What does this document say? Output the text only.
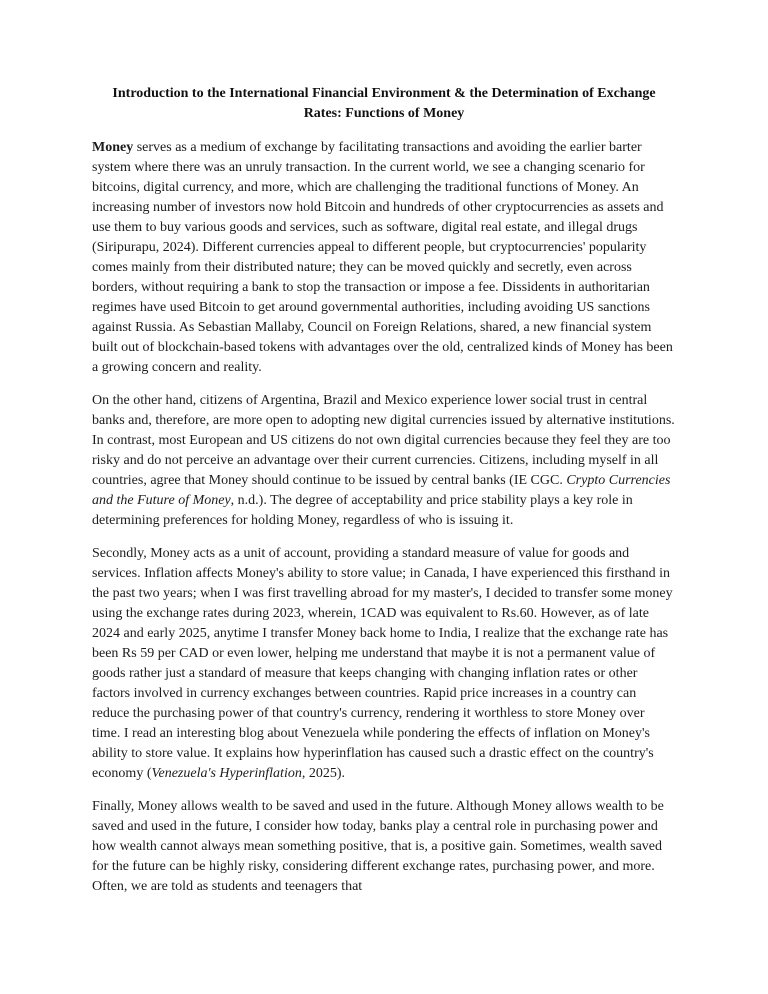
Introduction to the International Financial Environment & the Determination of Exchange Rates: Functions of Money

Money serves as a medium of exchange by facilitating transactions and avoiding the earlier barter system where there was an unruly transaction. In the current world, we see a changing scenario for bitcoins, digital currency, and more, which are challenging the traditional functions of Money. An increasing number of investors now hold Bitcoin and hundreds of other cryptocurrencies as assets and use them to buy various goods and services, such as software, digital real estate, and illegal drugs (Siripurapu, 2024). Different currencies appeal to different people, but cryptocurrencies' popularity comes mainly from their distributed nature; they can be moved quickly and secretly, even across borders, without requiring a bank to stop the transaction or impose a fee. Dissidents in authoritarian regimes have used Bitcoin to get around governmental authorities, including avoiding US sanctions against Russia. As Sebastian Mallaby, Council on Foreign Relations, shared, a new financial system built out of blockchain-based tokens with advantages over the old, centralized kinds of Money has been a growing concern and reality.

On the other hand, citizens of Argentina, Brazil and Mexico experience lower social trust in central banks and, therefore, are more open to adopting new digital currencies issued by alternative institutions. In contrast, most European and US citizens do not own digital currencies because they feel they are too risky and do not perceive an advantage over their current currencies. Citizens, including myself in all countries, agree that Money should continue to be issued by central banks (IE CGC. Crypto Currencies and the Future of Money, n.d.). The degree of acceptability and price stability plays a key role in determining preferences for holding Money, regardless of who is issuing it.

Secondly, Money acts as a unit of account, providing a standard measure of value for goods and services. Inflation affects Money's ability to store value; in Canada, I have experienced this firsthand in the past two years; when I was first travelling abroad for my master's, I decided to transfer some money using the exchange rates during 2023, wherein, 1CAD was equivalent to Rs.60. However, as of late 2024 and early 2025, anytime I transfer Money back home to India, I realize that the exchange rate has been Rs 59 per CAD or even lower, helping me understand that maybe it is not a permanent value of goods rather just a standard of measure that keeps changing with changing inflation rates or other factors involved in currency exchanges between countries. Rapid price increases in a country can reduce the purchasing power of that country's currency, rendering it worthless to store Money over time. I read an interesting blog about Venezuela while pondering the effects of inflation on Money's ability to store value. It explains how hyperinflation has caused such a drastic effect on the country's economy (Venezuela's Hyperinflation, 2025).

Finally, Money allows wealth to be saved and used in the future. Although Money allows wealth to be saved and used in the future, I consider how today, banks play a central role in purchasing power and how wealth cannot always mean something positive, that is, a positive gain. Sometimes, wealth saved for the future can be highly risky, considering different exchange rates, purchasing power, and more. Often, we are told as students and teenagers that
